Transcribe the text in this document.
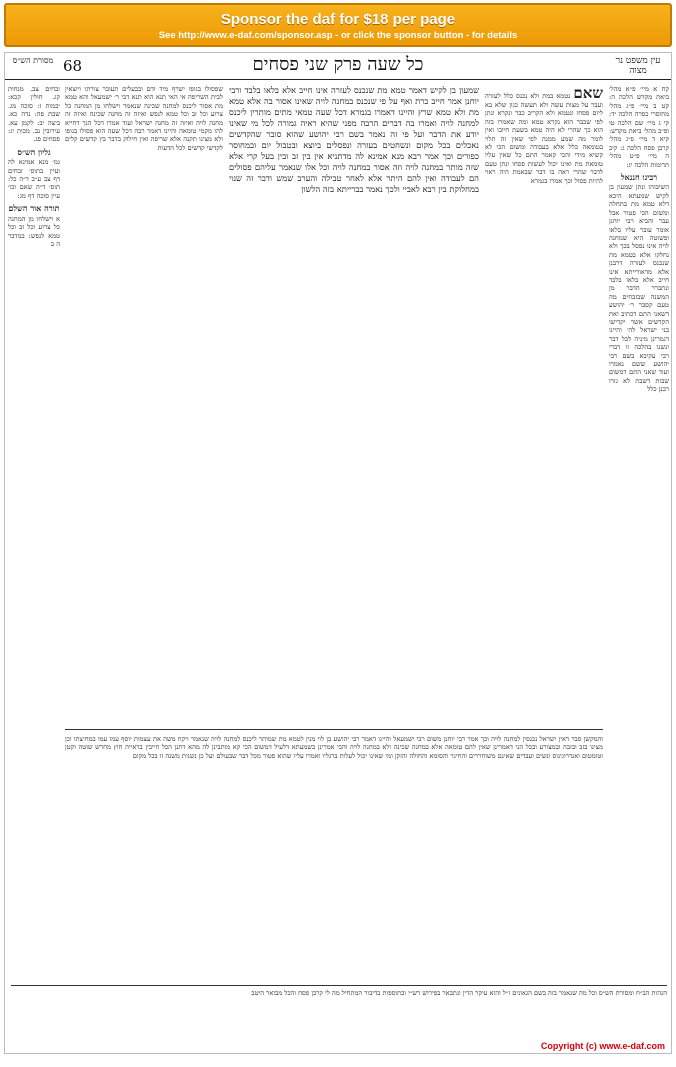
Sponsor the daf for $18 per page
See http://www.e-daf.com/sponsor.asp - or click the sponsor button - for details
מסורת הש״ס 68	כל שעה פרק שני פסחים	עין משפט נר מצוה
זבחים צב. מנחות קג. חולין קכא: יבמות ז: סוכה מג. שבת פה: נדה כא. ביצה יב: לקמן עא. עירובין נב. מכות יג: פסחים פג.
גליון הש״ס
גמ׳ מנא אמינא לה ועיין בתוס׳ זבחים דף צב ע״ב ד״ה כל: תוס׳ ד״ה שאם וכו׳ עיין סוכה דף מג:
תורה אור השלם
א וישלחו מן המחנה כל צרוע וכל זב וכל טמא לנפש: במדבר ה ב
שפסולו בגופו ישרף מיד ודם ובבעלים תעובר צורתו ויוצאין לבית השריפה אי האי תנא הוא תנא דבי ר׳ ישמעאל והא טמא מת אסור ליכנס למחנה שכינה שנאמר וישלחו מן המחנה כל צרוע וכל זב וכל טמא לנפש ואיזה זה מחנה שכינה ואיזה זה מחנה לויה ואיזה זה מחנה ישראל ועוד אמרו דכל הנך דחייא להו מקמי טומאה והיינו דאמר רבה דכל שעה הוא פסולו בגופו ולא מצינו תקנה אלא שריפה ואין חילוק בדבר בין קדשים קלים לקדשי קדשים לכל הדעות
שמעון בן לקיש דאמר טמא מת שנכנס לעזרה אינו חייב אלא בלאו בלבד ורבי יוחנן אמר חייב כרת ואף על פי שנכנס במחנה לויה שאינו אסור בה אלא טמא מת ולא טמא שרץ והיינו דאמרו בגמרא דכל שעה טמאי מתים מותרין ליכנס למחנה לויה ואמרו בה דברים הרבה מפני שהיא ראיה גמורה לכל מי שאינו יודע את הדבר ועל פי זה נאמר בשם רבי יהושע שהוא סובר שהקדשים נאכלים בכל מקום ונשחטים בעזרה ונפסלים ביוצא ובטבול יום ובמחוסר כפורים וכך אמר רבא מנא אמינא לה מדתניא אין בין זב ובין בעל קרי אלא שזה מותר במחנה לויה וזה אסור במחנה לויה וכל אלו שנאמר עליהם פסולים הם לעבודה ואין להם היתר אלא לאחר טבילה והערב שמש ודבר זה שנוי במחלוקת בין רבא לאביי ולכך נאמר בברייתא בזה הלשון
שאם נטמא במת ולא נכנס כלל לעזרה ועבר על מצות עשה ולא תעשה כגון שלא בא ליום פסחו ונטמא ולא הקריב כבר ונקרא ונתן לפי שכבר הוא נקרא טמא ומה שאמרו בזה הוא כך שהרי לא היה טמא בשעת חיובו ואין לומר מה שמע ממנה לפי שאין זה תלוי בטומאה כלל אלא בעבודה ומשום הכי לא קשיא מידי והכי קאמר התם כל שאין עליו טומאת מת ואינו יכול לעשות פסחו ונתן טעם לדבר שהרי ראה בו דבר שבאמת היה ראוי להיות פסול וכך אמרו בגמרא
קח א מיי׳ פ״א מהל׳ ביאת מקדש הלכה ה: קט ב מיי׳ פ״ג מהל׳ מחוסרי כפרה הלכה יד: קי ג מיי׳ שם הלכה טו ופ״ב מהל׳ ביאת מקדש: קיא ד מיי׳ פ״ג מהל׳ קרבן פסח הלכה ג: קיב ה מיי׳ פ״ט מהל׳ תרומות הלכה יג:
רבינו חננאל
השיבוהו ונתן שמעון בן לקיש שמעתא היכא דלא טמא מת בתחלה ומשום הכי פטור אבל עבר והביא רבי יוחנן אומר עובר עליו בלאו ופשוטה היא שמחנה לויה אינו נפסל בכך ולא נחלקו אלא בטמא מת שנכנס לעזרה דרבנן אלא מדאורייתא אינו חייב אלא בלאו בלבד ונתברר הדבר מן המשנה שבזבחים מה טעם קסבר ר׳ יהושע דשאני התם דכתיב ואת הקדשים אשר יקדישו בני ישראל לה׳ והיינו דגמרינן מיניה לכל דבר ונשנו בהלכה זו דברי רבי עקיבא בשם רבי יהושע ששם נאמרו ועוד שאני התם דמשום שבות דשבת לא גזרו רבנן כלל
והמקשן סבר דאין ישראל נכנסין למחנה לויה וכך אמר רבי יוחנן משום רבי ישמעאל והיינו דאמר רבי יהושע בן לוי מנין לטמא מת שמותר ליכנס למחנה לויה שנאמר ויקח משה את עצמות יוסף עמו עמו במחיצתו וכן מצינו בזב ובזבה ובמצורע ובכל הני דאמרינן שאין להם טומאה אלא במחנה שכינה ולא במחנה לויה והכי אמרינן בשמעתא דלעיל דמשום הכי קא מותבינן לה מהא דתנן הכל חייבין בראייה חוץ מחרש שוטה וקטן וטומטום ואנדרוגינוס ונשים ועבדים שאינם משוחררים והחיגר והסומא והחולה והזקן ומי שאינו יכול לעלות ברגליו ואמרו עליו שהוא פטור מכל דבר שבעולם ועל כן נשנית משנה זו בכל מקום
הגהות הב״ח ומסורת הש״ס וכל מה שנאמר בזה בשם הגאונים ז״ל והוא עיקר הדין ונתבאר בפירוש רש״י ובתוספות בדיבור המתחיל מה לי קרבן פסח והכל מבואר היטב
Copyright (c) www.e-daf.com
